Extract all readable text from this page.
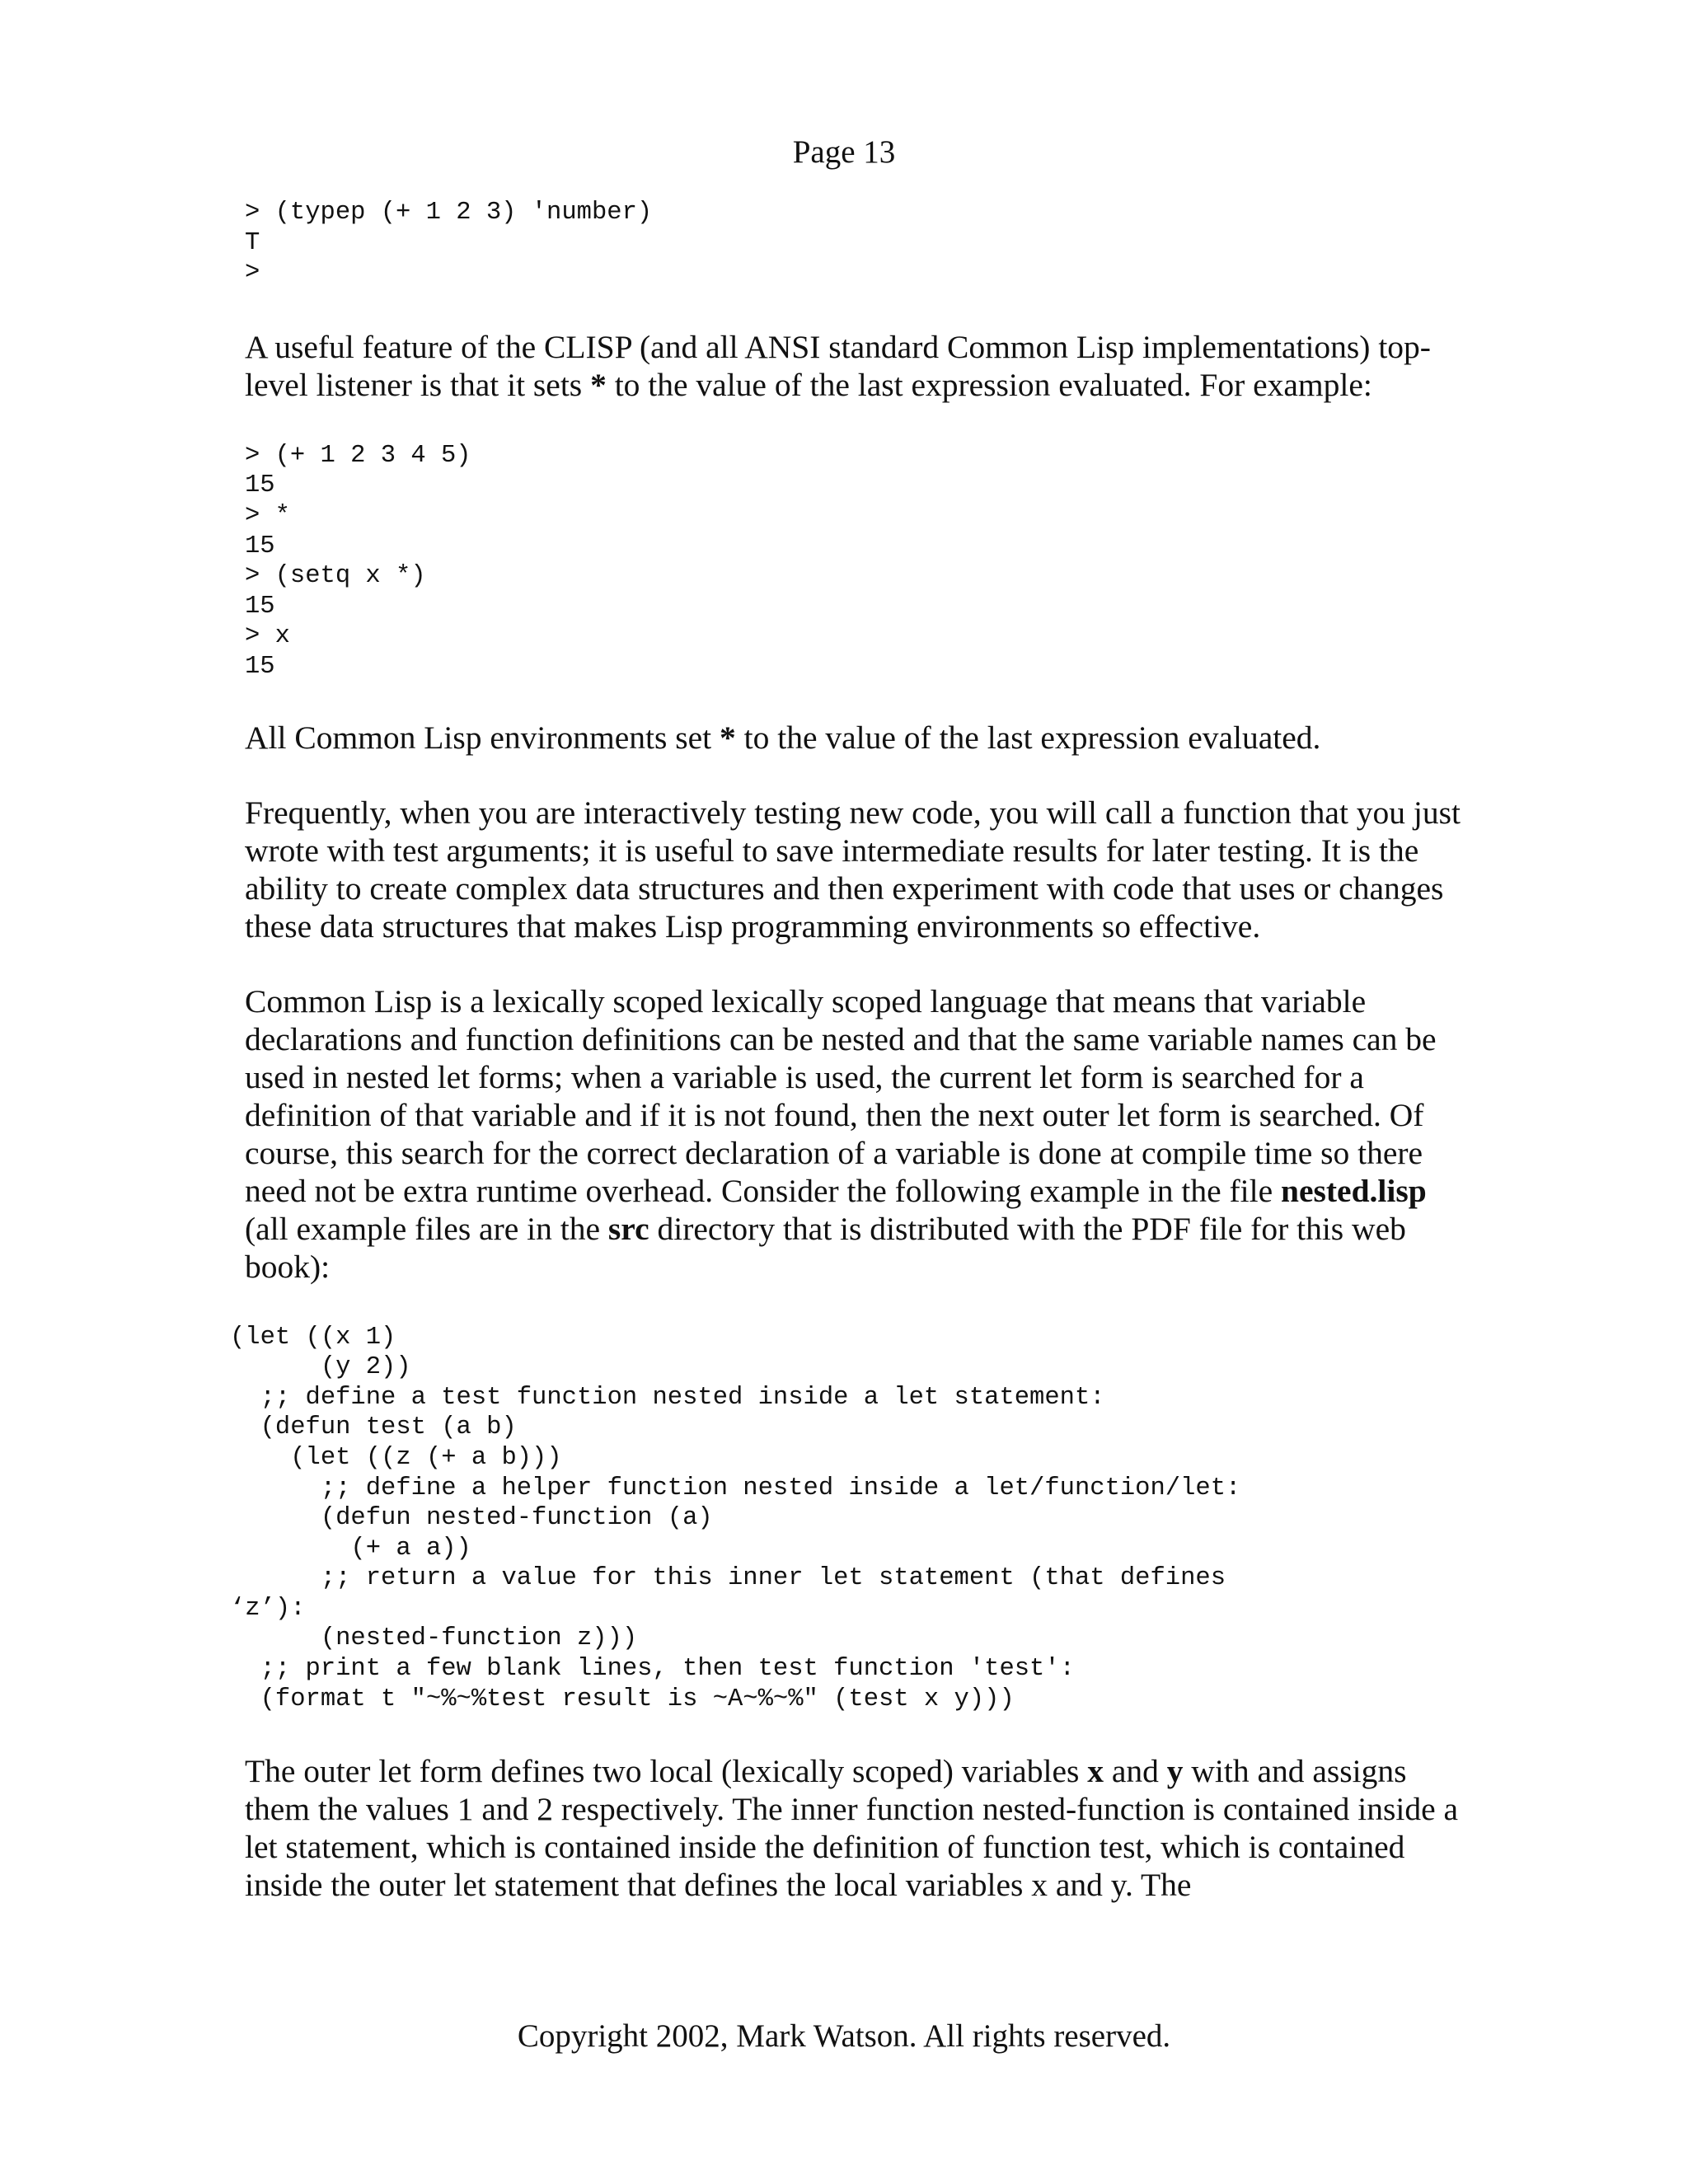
Page 13
> (typep (+ 1 2 3) 'number)
T
>

A useful feature of the CLISP (and all ANSI standard Common Lisp implementations) top-level listener is that it sets * to the value of the last expression evaluated. For example:

> (+ 1 2 3 4 5)
15
> *
15
> (setq x *)
15
> x
15

All Common Lisp environments set * to the value of the last expression evaluated.

Frequently, when you are interactively testing new code, you will call a function that you just wrote with test arguments; it is useful to save intermediate results for later testing. It is the ability to create complex data structures and then experiment with code that uses or changes these data structures that makes Lisp programming environments so effective.

Common Lisp is a lexically scoped lexically scoped language that means that variable declarations and function definitions can be nested and that the same variable names can be used in nested let forms; when a variable is used, the current let form is searched for a definition of that variable and if it is not found, then the next outer let form is searched. Of course, this search for the correct declaration of a variable is done at compile time so there need not be extra runtime overhead. Consider the following example in the file nested.lisp (all example files are in the src directory that is distributed with the PDF file for this web book):

(let ((x 1)
(y 2))
;; define a test function nested inside a let statement:
(defun test (a b)
(let ((z (+ a b)))
;; define a helper function nested inside a let/function/let:
(defun nested-function (a)
(+ a a))
;; return a value for this inner let statement (that defines
‘z’):
(nested-function z)))
;; print a few blank lines, then test function 'test':
(format t "~%~%test result is ~A~%~%" (test x y)))

The outer let form defines two local (lexically scoped) variables x and y with and assigns them the values 1 and 2 respectively. The inner function nested-function is contained inside a let statement, which is contained inside the definition of function test, which is contained inside the outer let statement that defines the local variables x and y. The

Copyright 2002, Mark Watson. All rights reserved.
